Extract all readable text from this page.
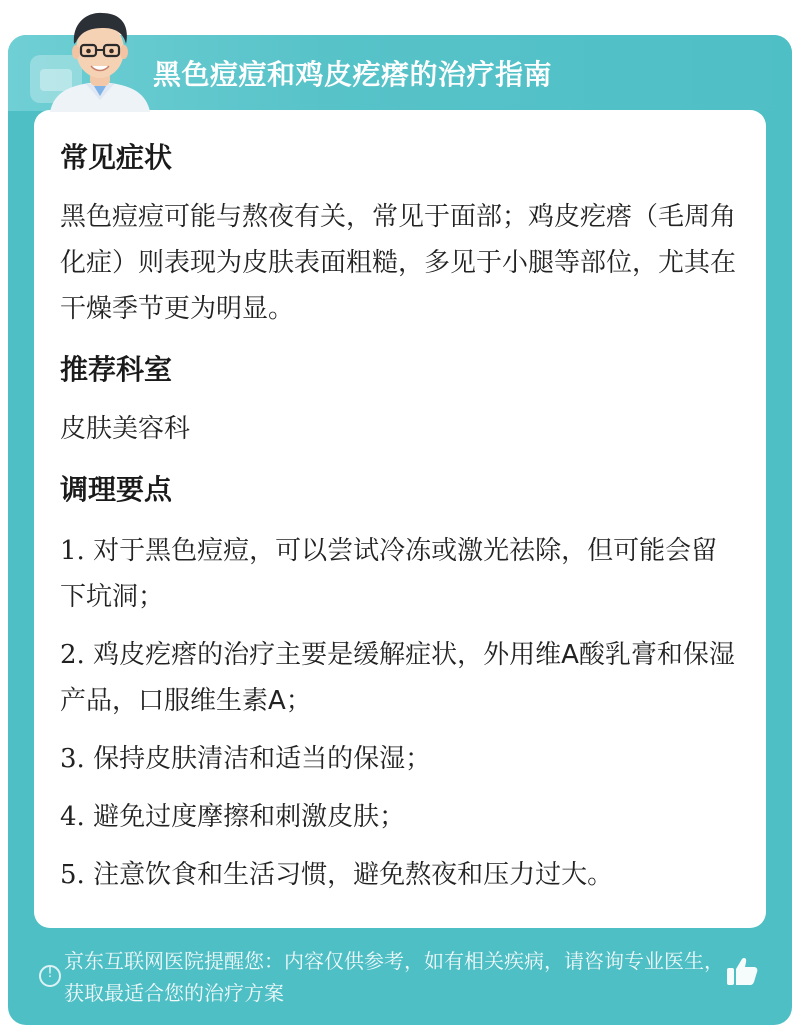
黑色痘痘和鸡皮疙瘩的治疗指南
常见症状
黑色痘痘可能与熬夜有关，常见于面部；鸡皮疙瘩（毛周角化症）则表现为皮肤表面粗糙，多见于小腿等部位，尤其在干燥季节更为明显。
推荐科室
皮肤美容科
调理要点
1. 对于黑色痘痘，可以尝试冷冻或激光祛除，但可能会留下坑洞；
2. 鸡皮疙瘩的治疗主要是缓解症状，外用维A酸乳膏和保湿产品，口服维生素A；
3. 保持皮肤清洁和适当的保湿；
4. 避免过度摩擦和刺激皮肤；
5. 注意饮食和生活习惯，避免熬夜和压力过大。
!
京东互联网医院提醒您：内容仅供参考，如有相关疾病，请咨询专业医生，获取最适合您的治疗方案
